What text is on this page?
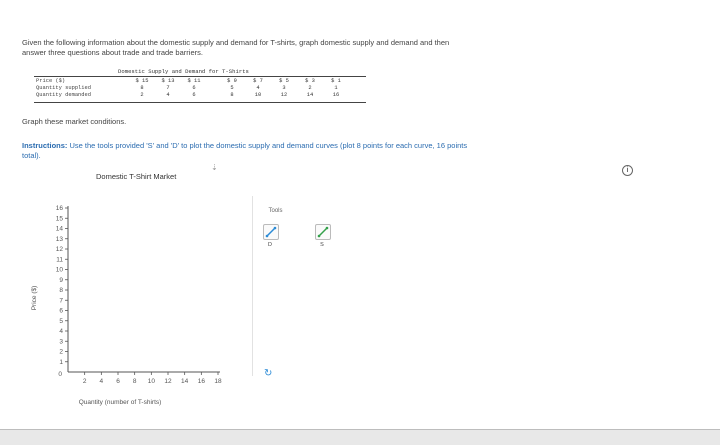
Given the following information about the domestic supply and demand for T-shirts, graph domestic supply and demand and then
answer three questions about trade and trade barriers.
Domestic Supply and Demand for T-Shirts
Price ($)	$ 15	$ 13	$ 11	$ 9	$ 7	$ 5	$ 3	$ 1
Quantity supplied	8	7	6	5	4	3	2	1
Quantity demanded	2	4	6	8	10	12	14	16
Graph these market conditions.
Instructions: Use the tools provided 'S' and 'D' to plot the domestic supply and demand curves (plot 8 points for each curve, 16 points
total).
i
Domestic T-Shirt Market
⇣
1
2
3
4
5
6
7
8
9
10
11
12
13
14
15
16
2 4 6 8 10 12 14 16 18
0
Price ($)
Quantity (number of T-shirts)
Tools
D	S
↻
